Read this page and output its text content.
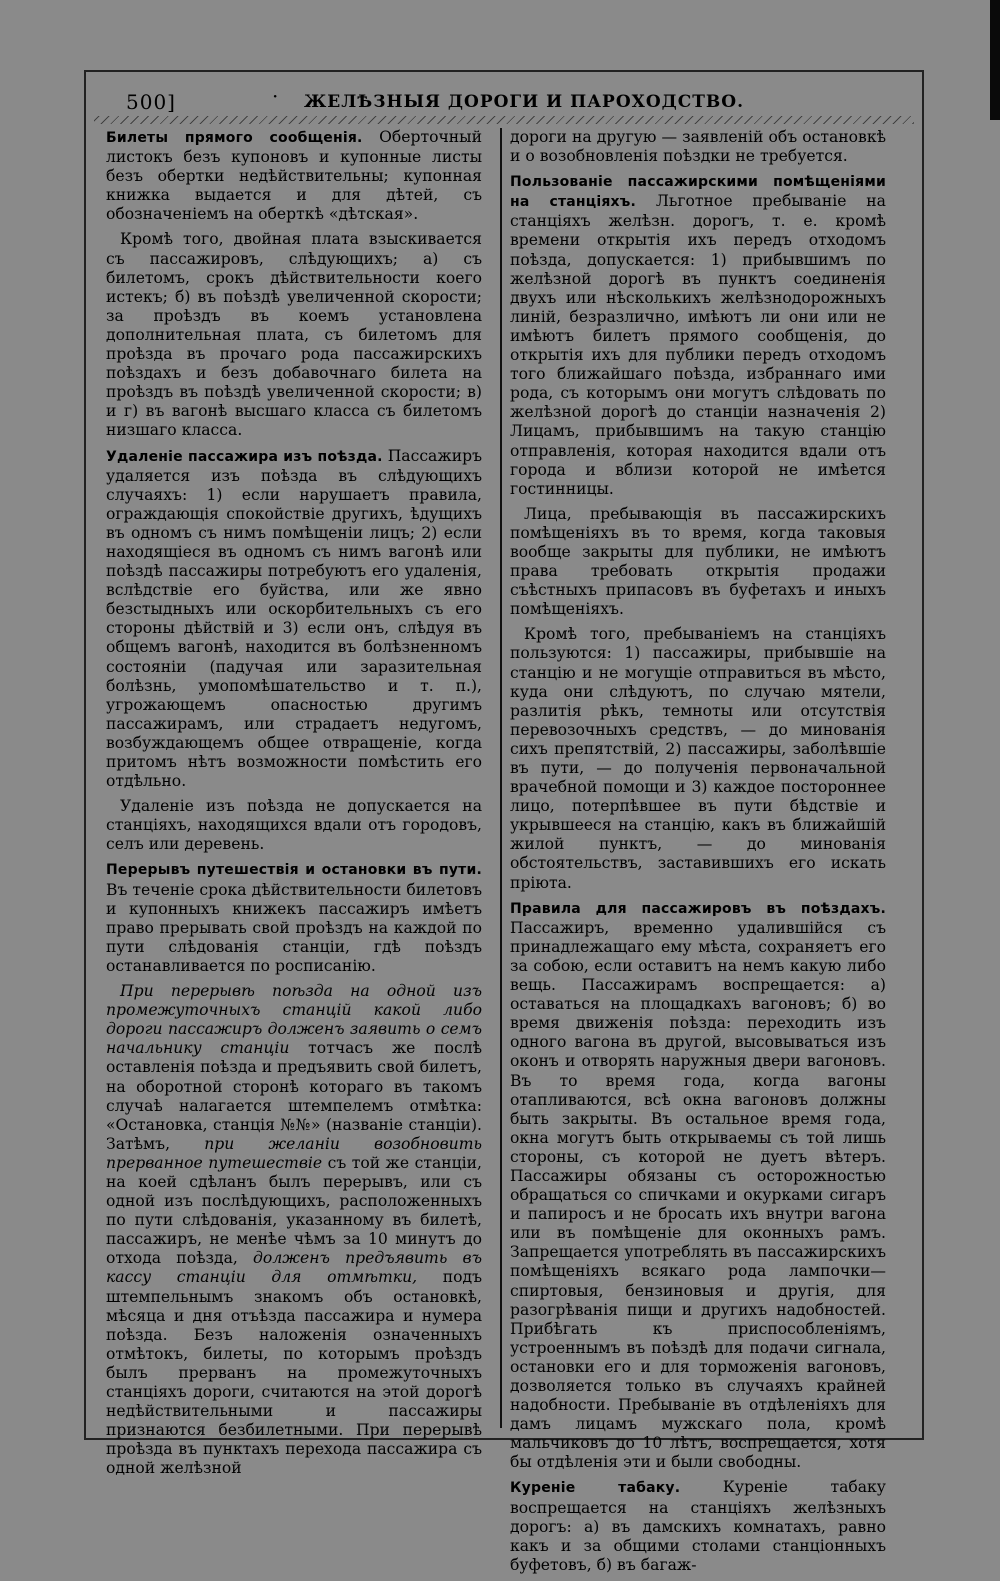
500]	· ЖЕЛѢЗНЫЯ ДОРОГИ И ПАРОХОДСТВО.

Билеты прямого сообщенія. Оберточный листокъ безъ купоновъ и купонные листы безъ обертки недѣйствительны; купонная книжка выдается и для дѣтей, съ обозначеніемъ на оберткѣ «дѣтская».

Кромѣ того, двойная плата взыскивается съ пассажировъ, слѣдующихъ; а) съ билетомъ, срокъ дѣйствительности коего истекъ; б) въ поѣздѣ увеличенной скорости; за проѣздъ въ коемъ установлена дополнительная плата, съ билетомъ для проѣзда въ прочаго рода пассажирскихъ поѣздахъ и безъ добавочнаго билета на проѣздъ въ поѣздѣ увеличенной скорости; в) и г) въ вагонѣ высшаго класса съ билетомъ низшаго класса.

Удаленіе пассажира изъ поѣзда. Пассажиръ удаляется изъ поѣзда въ слѣдующихъ случаяхъ: 1) если нарушаетъ правила, ограждающія спокойствіе другихъ, ѣдущихъ въ одномъ съ нимъ помѣщеніи лицъ; 2) если находящіеся въ одномъ съ нимъ вагонѣ или поѣздѣ пассажиры потребуютъ его удаленія, вслѣдствіе его буйства, или же явно безстыдныхъ или оскорбительныхъ съ его стороны дѣйствій и 3) если онъ, слѣдуя въ общемъ вагонѣ, находится въ болѣзненномъ состояніи (падучая или заразительная болѣзнь, умопомѣшательство и т. п.), угрожающемъ опасностью другимъ пассажирамъ, или страдаетъ недугомъ, возбуждающемъ общее отвращеніе, когда притомъ нѣтъ возможности помѣстить его отдѣльно.

Удаленіе изъ поѣзда не допускается на станціяхъ, находящихся вдали отъ городовъ, селъ или деревень.

Перерывъ путешествія и остановки въ пути. Въ теченіе срока дѣйствительности билетовъ и купонныхъ книжекъ пассажиръ имѣетъ право прерывать свой проѣздъ на каждой по пути слѣдованія станціи, гдѣ поѣздъ останавливается по росписанію.

При перерывѣ поѣзда на одной изъ промежуточныхъ станцій какой либо дороги пассажиръ долженъ заявить о семъ начальнику станціи тотчасъ же послѣ оставленія поѣзда и предъявить свой билетъ, на оборотной сторонѣ котораго въ такомъ случаѣ налагается штемпелемъ отмѣтка: «Остановка, станція №№» (названіе станціи). Затѣмъ, при желаніи возобновить прерванное путешествіе съ той же станціи, на коей сдѣланъ былъ перерывъ, или съ одной изъ послѣдующихъ, расположенныхъ по пути слѣдованія, указанному въ билетѣ, пассажиръ, не менѣе чѣмъ за 10 минутъ до отхода поѣзда, долженъ предъявить въ кассу станціи для отмѣтки, подъ штемпельнымъ знакомъ объ остановкѣ, мѣсяца и дня отъѣзда пассажира и нумера поѣзда. Безъ наложенія означенныхъ отмѣтокъ, билеты, по которымъ проѣздъ былъ прерванъ на промежуточныхъ станціяхъ дороги, считаются на этой дорогѣ недѣйствительными и пассажиры признаются безбилетными. При перерывѣ проѣзда въ пунктахъ перехода пассажира съ одной желѣзной

дороги на другую — заявленій объ остановкѣ и о возобновленія поѣздки не требуется.

Пользованіе пассажирскими помѣщеніями на станціяхъ. Льготное пребываніе на станціяхъ желѣзн. дорогъ, т. е. кромѣ времени открытія ихъ передъ отходомъ поѣзда, допускается: 1) прибывшимъ по желѣзной дорогѣ въ пунктъ соединенія двухъ или нѣсколькихъ желѣзнодорожныхъ линій, безразлично, имѣютъ ли они или не имѣютъ билетъ прямого сообщенія, до открытія ихъ для публики передъ отходомъ того ближайшаго поѣзда, избраннаго ими рода, съ которымъ они могутъ слѣдовать по желѣзной дорогѣ до станціи назначенія 2) Лицамъ, прибывшимъ на такую станцію отправленія, которая находится вдали отъ города и вблизи которой не имѣется гостинницы.

Лица, пребывающія въ пассажирскихъ помѣщеніяхъ въ то время, когда таковыя вообще закрыты для публики, не имѣютъ права требовать открытія продажи съѣстныхъ припасовъ въ буфетахъ и иныхъ помѣщеніяхъ.

Кромѣ того, пребываніемъ на станціяхъ пользуются: 1) пассажиры, прибывшіе на станцію и не могущіе отправиться въ мѣсто, куда они слѣдуютъ, по случаю мятели, разлитія рѣкъ, темноты или отсутствія перевозочныхъ средствъ, — до минованія сихъ препятствій, 2) пассажиры, заболѣвшіе въ пути, — до полученія первоначальной врачебной помощи и 3) каждое постороннее лицо, потерпѣвшее въ пути бѣдствіе и укрывшееся на станцію, какъ въ ближайшій жилой пунктъ, — до минованія обстоятельствъ, заставившихъ его искать пріюта.

Правила для пассажировъ въ поѣздахъ. Пассажиръ, временно удалившійся съ принадлежащаго ему мѣста, сохраняетъ его за собою, если оставитъ на немъ какую либо вещь. Пассажирамъ воспрещается: а) оставаться на площадкахъ вагоновъ; б) во время движенія поѣзда: переходить изъ одного вагона въ другой, высовываться изъ оконъ и отворять наружныя двери вагоновъ. Въ то время года, когда вагоны отапливаются, всѣ окна вагоновъ должны быть закрыты. Въ остальное время года, окна могутъ быть открываемы съ той лишь стороны, съ которой не дуетъ вѣтеръ. Пассажиры обязаны съ осторожностью обращаться со спичками и окурками сигаръ и папиросъ и не бросать ихъ внутри вагона или въ помѣщеніе для оконныхъ рамъ. Запрещается употреблять въ пассажирскихъ помѣщеніяхъ всякаго рода лампочки—спиртовыя, бензиновыя и другія, для разогрѣванія пищи и другихъ надобностей. Прибѣгать къ приспособленіямъ, устроеннымъ въ поѣздѣ для подачи сигнала, остановки его и для торможенія вагоновъ, дозволяется только въ случаяхъ крайней надобности. Пребываніе въ отдѣленіяхъ для дамъ лицамъ мужскаго пола, кромѣ мальчиковъ до 10 лѣтъ, воспрещается, хотя бы отдѣленія эти и были свободны.

Куреніе табаку. Куреніе табаку воспрещается на станціяхъ желѣзныхъ дорогъ: а) въ дамскихъ комнатахъ, равно какъ и за общими столами станціонныхъ буфетовъ, б) въ багаж-
